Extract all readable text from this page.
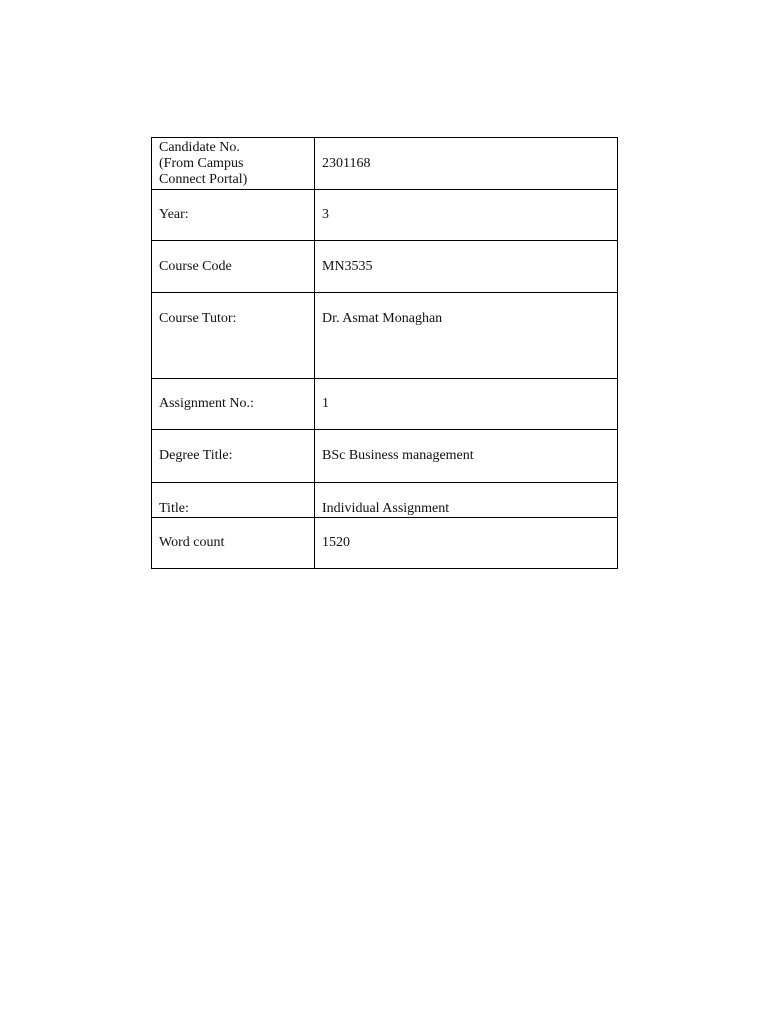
Candidate No.
(From Campus
Connect Portal)	2301168
Year:	3
Course Code	MN3535
Course Tutor:	Dr. Asmat Monaghan
Assignment No.:	1
Degree Title:	BSc Business management
Title:	Individual Assignment
Word count	1520
